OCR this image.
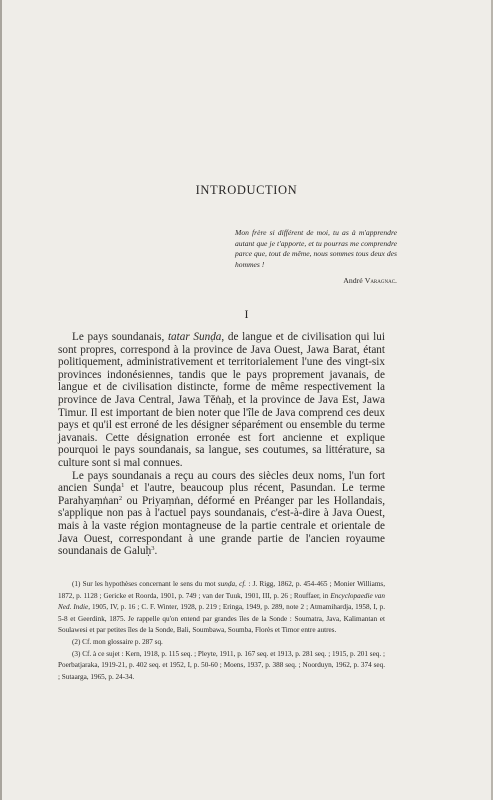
INTRODUCTION
Mon frère si différent de moi, tu as à m'apprendre autant que je t'apporte, et tu pourras me comprendre parce que, tout de même, nous sommes tous deux des hommes !
André Varagnac.
I

Le pays soundanais, tatar Sunḍa, de langue et de civilisation qui lui sont propres, correspond à la province de Java Ouest, Jawa Barat, étant politiquement, administrativement et territorialement l'une des vingt-six provinces indonésiennes, tandis que le pays proprement javanais, de langue et de civilisation distincte, forme de même respectivement la province de Java Central, Jawa Tĕṅaḥ, et la province de Java Est, Jawa Timur. Il est important de bien noter que l'île de Java comprend ces deux pays et qu'il est erroné de les désigner séparément ou ensemble du terme javanais. Cette désignation erronée est fort ancienne et explique pourquoi le pays soundanais, sa langue, ses coutumes, sa littérature, sa culture sont si mal connues.

Le pays soundanais a reçu au cours des siècles deux noms, l'un fort ancien Sunḍa$^1$ et l'autre, beaucoup plus récent, Pasundan. Le terme Parahyaṃṅan$^2$ ou Priyaṃṅan, déformé en Préanger par les Hollandais, s'applique non pas à l'actuel pays soundanais, c'est-à-dire à Java Ouest, mais à la vaste région montagneuse de la partie centrale et orientale de Java Ouest, correspondant à une grande partie de l'ancien royaume soundanais de Galuḥ$^3$.

(1) Sur les hypothèses concernant le sens du mot sunḍa, cf. : J. Rigg, 1862, p. 454-465 ; Monier Williams, 1872, p. 1128 ; Gericke et Roorda, 1901, p. 749 ; van der Tuuk, 1901, III, p. 26 ; Rouffaer, in Encyclopaedie van Ned. Indie, 1905, IV, p. 16 ; C. F. Winter, 1928, p. 219 ; Eringa, 1949, p. 289, note 2 ; Atmamihardja, 1958, I, p. 5-8 et Geerdink, 1875. Je rappelle qu'on entend par grandes îles de la Sonde : Soumatra, Java, Kalimantan et Soulawesi et par petites îles de la Sonde, Bali, Soumbawa, Soumba, Florès et Timor entre autres.

(2) Cf. mon glossaire p. 287 sq.

(3) Cf. à ce sujet : Kern, 1918, p. 115 seq. ; Pleyte, 1911, p. 167 seq. et 1913, p. 281 seq. ; 1915, p. 201 seq. ; Poerbatjaraka, 1919-21, p. 402 seq. et 1952, I, p. 50-60 ; Moens, 1937, p. 388 seq. ; Noorduyn, 1962, p. 374 seq. ; Sutaarga, 1965, p. 24-34.
